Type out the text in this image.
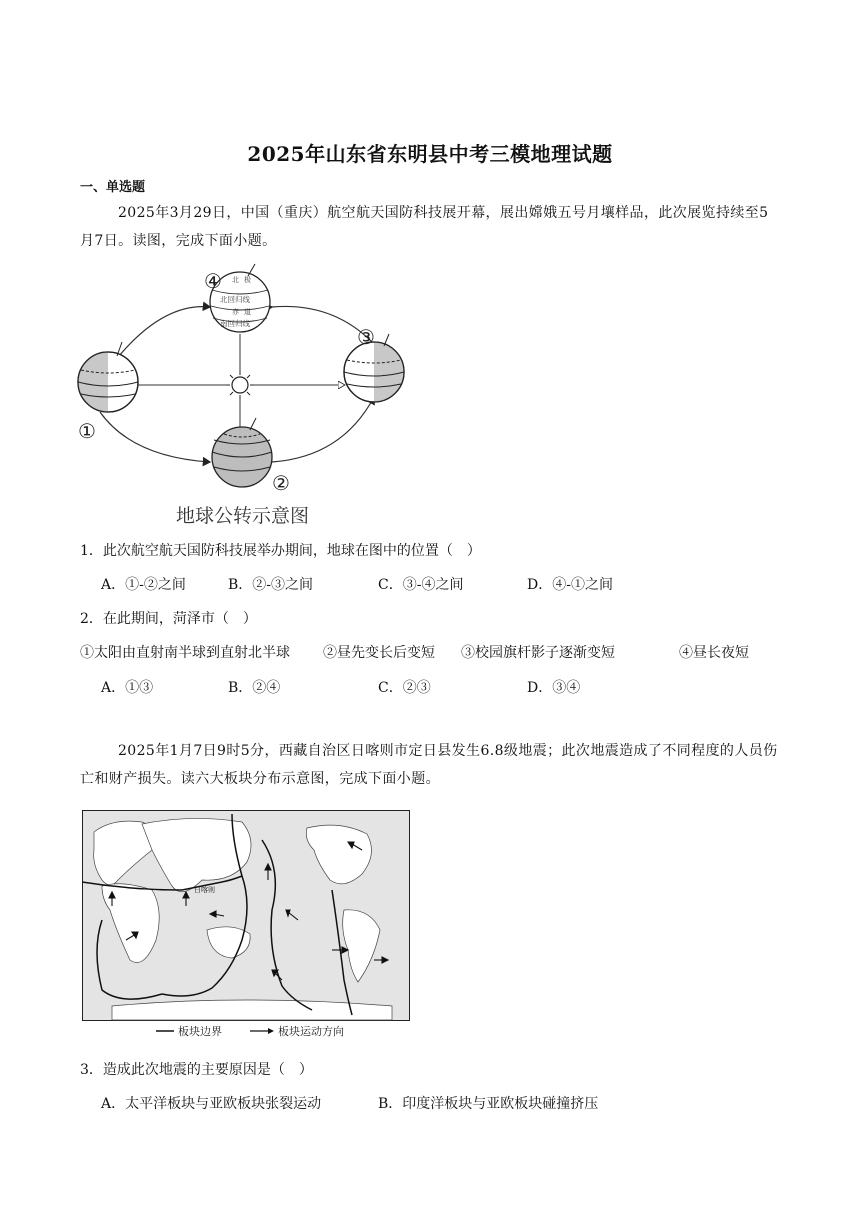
2025年山东省东明县中考三模地理试题
一、单选题
2025年3月29日，中国（重庆）航空航天国防科技展开幕，展出嫦娥五号月壤样品，此次展览持续至5月7日。读图，完成下面小题。
北 极
北回归线
赤 道
南回归线
④
③
①
②
地球公转示意图
1．此次航空航天国防科技展举办期间，地球在图中的位置（　）
A．①-②之间	B．②-③之间	C．③-④之间	D．④-①之间
2．在此期间，菏泽市（　）
①太阳由直射南半球到直射北半球 ②昼先变长后变短 ③校园旗杆影子逐渐变短	④昼长夜短
A．①③	B．②④	C．②③	D．③④
2025年1月7日9时5分，西藏自治区日喀则市定日县发生6.8级地震；此次地震造成了不同程度的人员伤亡和财产损失。读六大板块分布示意图，完成下面小题。
日喀则
板块边界	板块运动方向
3．造成此次地震的主要原因是（　）
A．太平洋板块与亚欧板块张裂运动	B．印度洋板块与亚欧板块碰撞挤压
